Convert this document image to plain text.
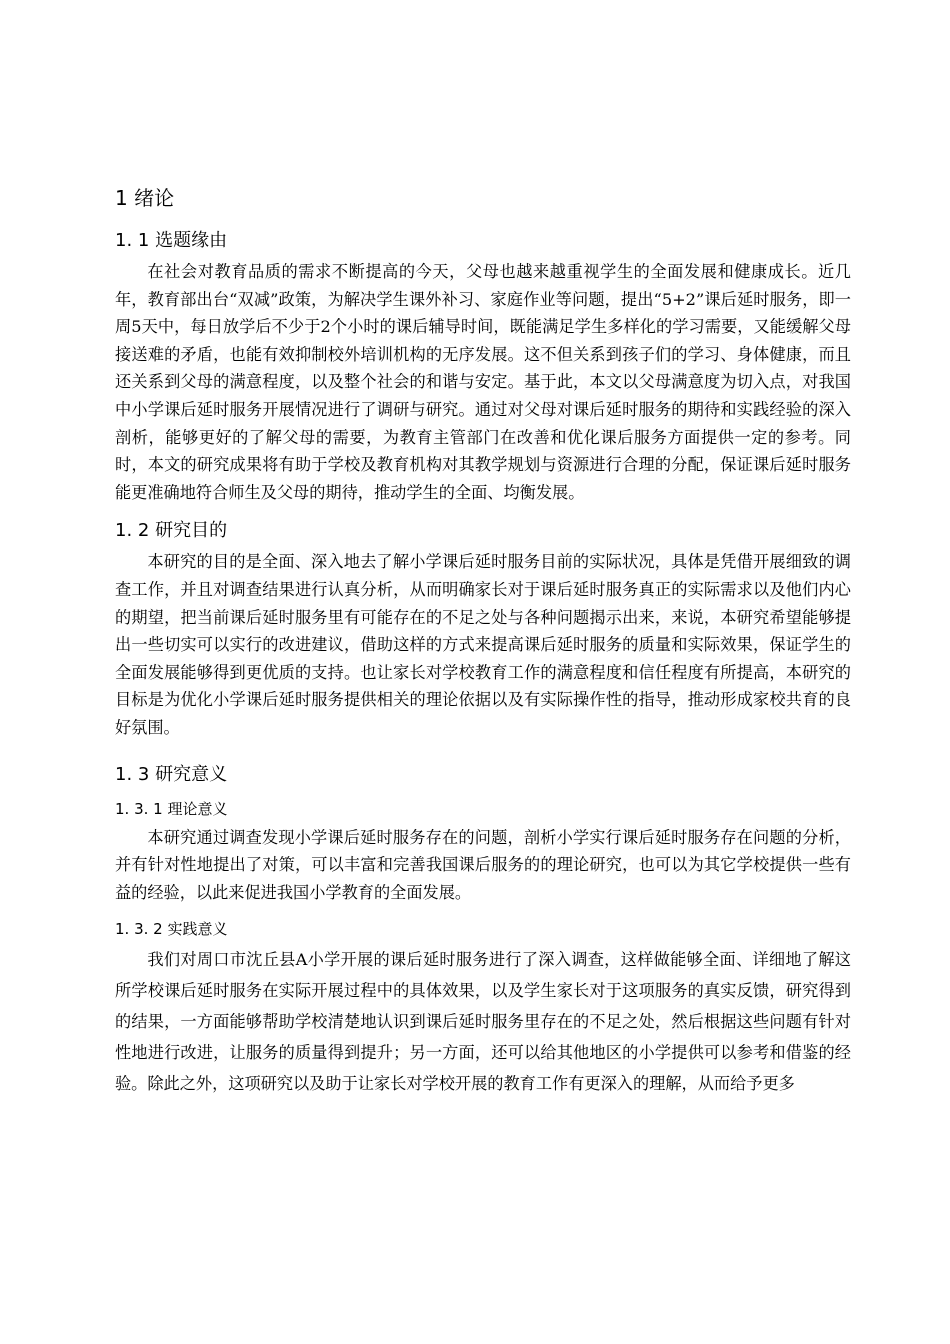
1 绪论
1. 1 选题缘由

在社会对教育品质的需求不断提高的今天，父母也越来越重视学生的全面发展和健康成长。近几年，教育部出台“双减”政策，为解决学生课外补习、家庭作业等问题，提出“5+2”课后延时服务，即一周5天中，每日放学后不少于2个小时的课后辅导时间，既能满足学生多样化的学习需要，又能缓解父母接送难的矛盾，也能有效抑制校外培训机构的无序发展。这不但关系到孩子们的学习、身体健康，而且还关系到父母的满意程度，以及整个社会的和谐与安定。基于此，本文以父母满意度为切入点，对我国中小学课后延时服务开展情况进行了调研与研究。通过对父母对课后延时服务的期待和实践经验的深入剖析，能够更好的了解父母的需要，为教育主管部门在改善和优化课后服务方面提供一定的参考。同时，本文的研究成果将有助于学校及教育机构对其教学规划与资源进行合理的分配，保证课后延时服务能更准确地符合师生及父母的期待，推动学生的全面、均衡发展。

1. 2 研究目的

本研究的目的是全面、深入地去了解小学课后延时服务目前的实际状况，具体是凭借开展细致的调查工作，并且对调查结果进行认真分析，从而明确家长对于课后延时服务真正的实际需求以及他们内心的期望，把当前课后延时服务里有可能存在的不足之处与各种问题揭示出来，来说，本研究希望能够提出一些切实可以实行的改进建议，借助这样的方式来提高课后延时服务的质量和实际效果，保证学生的全面发展能够得到更优质的支持。也让家长对学校教育工作的满意程度和信任程度有所提高，本研究的目标是为优化小学课后延时服务提供相关的理论依据以及有实际操作性的指导，推动形成家校共育的良好氛围。

1. 3 研究意义
1. 3. 1 理论意义

本研究通过调查发现小学课后延时服务存在的问题，剖析小学实行课后延时服务存在问题的分析，并有针对性地提出了对策，可以丰富和完善我国课后服务的的理论研究，也可以为其它学校提供一些有益的经验，以此来促进我国小学教育的全面发展。

1. 3. 2 实践意义

我们对周口市沈丘县A小学开展的课后延时服务进行了深入调查，这样做能够全面、详细地了解这所学校课后延时服务在实际开展过程中的具体效果，以及学生家长对于这项服务的真实反馈，研究得到的结果，一方面能够帮助学校清楚地认识到课后延时服务里存在的不足之处，然后根据这些问题有针对性地进行改进，让服务的质量得到提升；另一方面，还可以给其他地区的小学提供可以参考和借鉴的经验。除此之外，这项研究以及助于让家长对学校开展的教育工作有更深入的理解，从而给予更多
